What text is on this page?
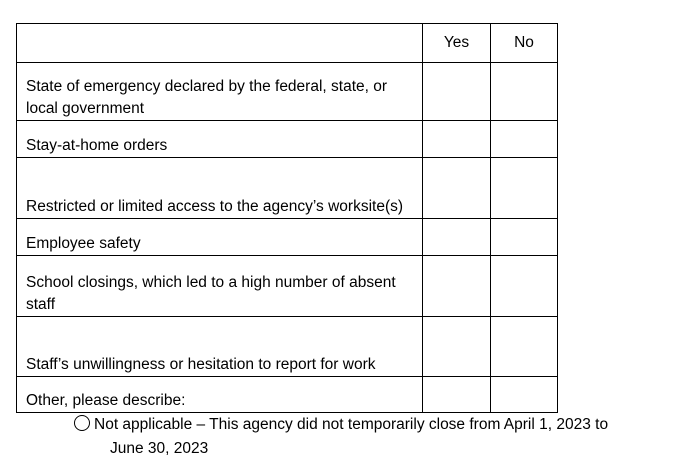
	Yes	No
State of emergency declared by the federal, state, or local government		
Stay-at-home orders		
Restricted or limited access to the agency’s worksite(s)		
Employee safety		
School closings, which led to a high number of absent staff		
Staff’s unwillingness or hesitation to report for work		
Other, please describe:		
Not applicable – This agency did not temporarily close from April 1, 2023 to
June 30, 2023
